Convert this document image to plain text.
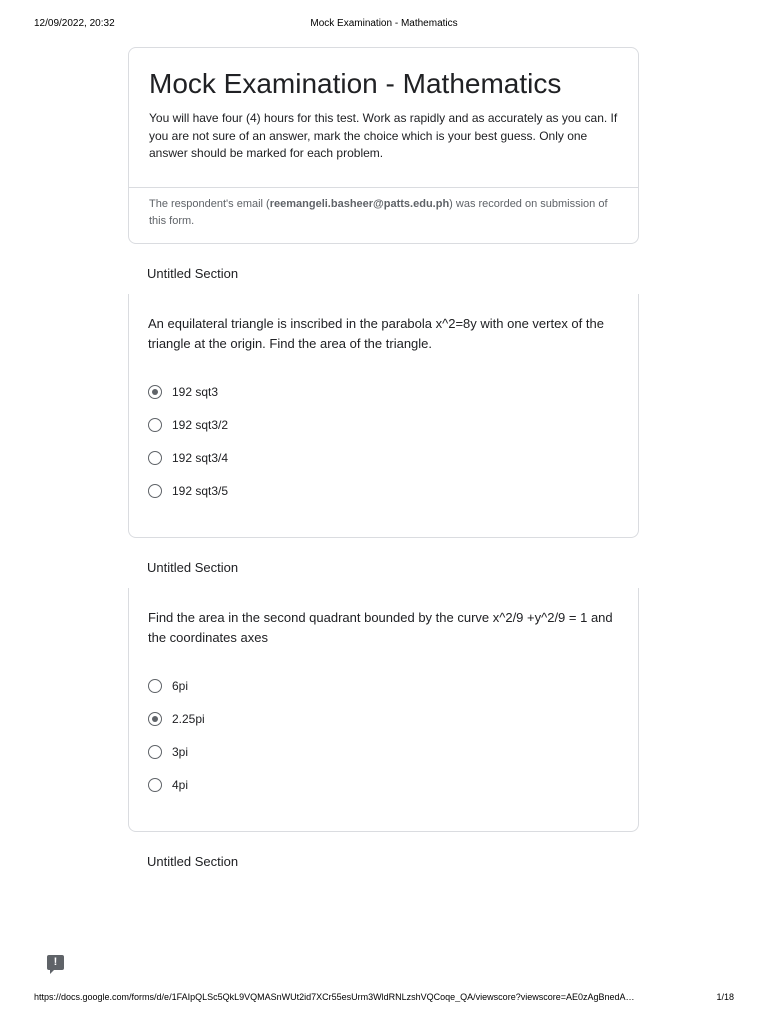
12/09/2022, 20:32	Mock Examination - Mathematics
Mock Examination - Mathematics
You will have four (4) hours for this test. Work as rapidly and as accurately as you can. If you are not sure of an answer, mark the choice which is your best guess. Only one answer should be marked for each problem.
The respondent's email (reemangeli.basheer@patts.edu.ph) was recorded on submission of this form.
Untitled Section
An equilateral triangle is inscribed in the parabola x^2=8y with one vertex of the triangle at the origin. Find the area of the triangle.
192 sqt3
192 sqt3/2
192 sqt3/4
192 sqt3/5
Untitled Section
Find the area in the second quadrant bounded by the curve x^2/9 +y^2/9 = 1 and the coordinates axes
6pi
2.25pi
3pi
4pi
Untitled Section
!
https://docs.google.com/forms/d/e/1FAIpQLSc5QkL9VQMASnWUt2id7XCr55esUrm3WldRNLzshVQCoqe_QA/viewscore?viewscore=AE0zAgBnedA…	1/18
